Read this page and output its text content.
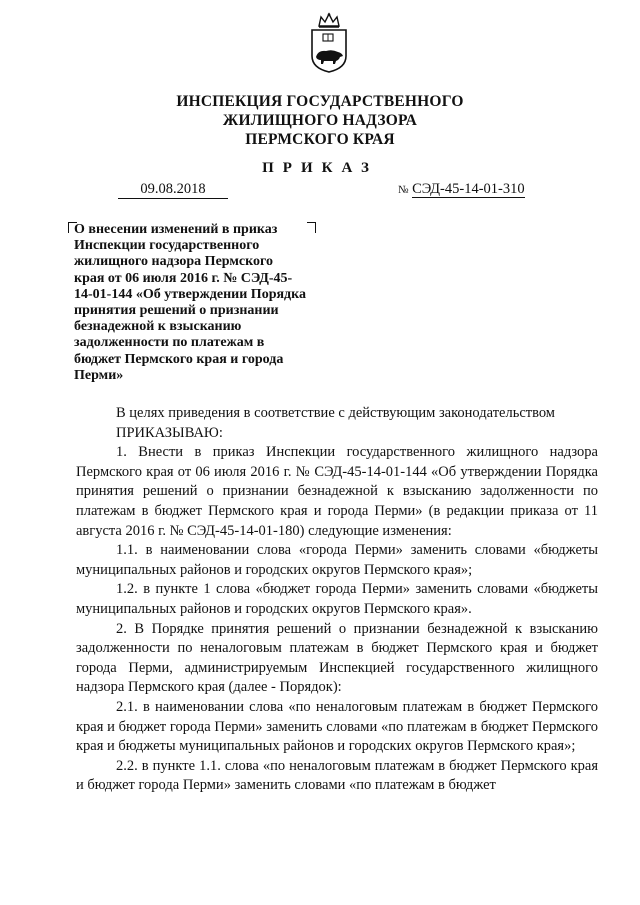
ИНСПЕКЦИЯ ГОСУДАРСТВЕННОГО
ЖИЛИЩНОГО НАДЗОРА
ПЕРМСКОГО КРАЯ
ПРИКАЗ
09.08.2018	№ СЭД-45-14-01-310
О внесении изменений в приказ Инспекции государственного жилищного надзора Пермского края от 06 июля 2016 г. № СЭД-45-14-01-144 «Об утверждении Порядка принятия решений о признании безнадежной к взысканию задолженности по платежам в бюджет Пермского края и города Перми»

В целях приведения в соответствие с действующим законодательством

ПРИКАЗЫВАЮ:

1. Внести в приказ Инспекции государственного жилищного надзора Пермского края от 06 июля 2016 г. № СЭД-45-14-01-144 «Об утверждении Порядка принятия решений о признании безнадежной к взысканию задолженности по платежам в бюджет Пермского края и города Перми» (в редакции приказа от 11 августа 2016 г. № СЭД-45-14-01-180) следующие изменения:

1.1. в наименовании слова «города Перми» заменить словами «бюджеты муниципальных районов и городских округов Пермского края»;

1.2. в пункте 1 слова «бюджет города Перми» заменить словами «бюджеты муниципальных районов и городских округов Пермского края».

2. В Порядке принятия решений о признании безнадежной к взысканию задолженности по неналоговым платежам в бюджет Пермского края и бюджет города Перми, администрируемым Инспекцией государственного жилищного надзора Пермского края (далее - Порядок):

2.1. в наименовании слова «по неналоговым платежам в бюджет Пермского края и бюджет города Перми» заменить словами «по платежам в бюджет Пермского края и бюджеты муниципальных районов и городских округов Пермского края»;

2.2. в пункте 1.1. слова «по неналоговым платежам в бюджет Пермского края и бюджет города Перми» заменить словами «по платежам в бюджет
